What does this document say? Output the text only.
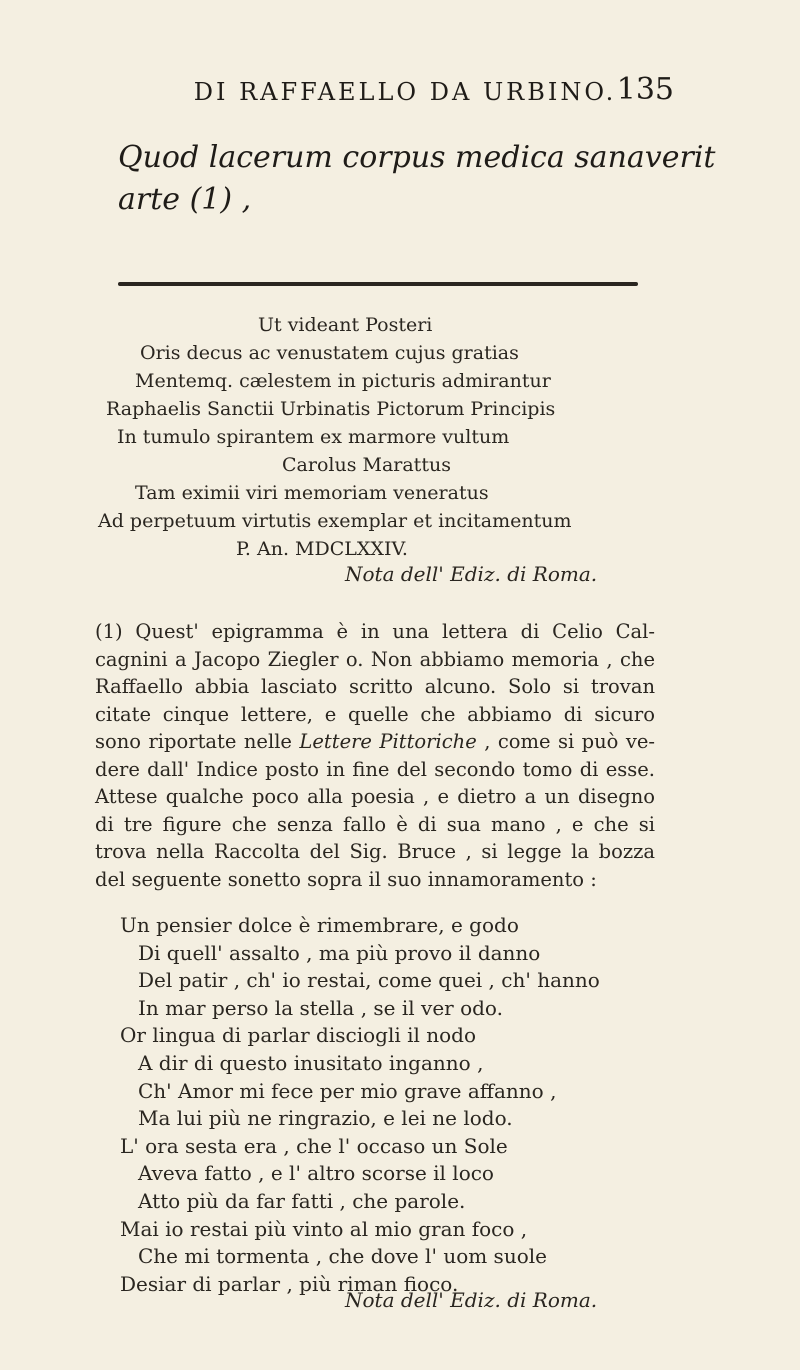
DI RAFFAELLO DA URBINO. 135
Quod lacerum corpus medica sanaverit
arte (1) ,
Ut videant Posteri
Oris decus ac venustatem cujus gratias
Mentemq. cælestem in picturis admirantur
Raphaelis Sanctii Urbinatis Pictorum Principis
In tumulo spirantem ex marmore vultum
Carolus Marattus
Tam eximii viri memoriam veneratus
Ad perpetuum virtutis exemplar et incitamentum
P. An. MDCLXXIV.
Nota dell' Ediz. di Roma.
(1) Quest' epigramma è in una lettera di Celio Cal- cagnini a Jacopo Ziegler o. Non abbiamo memoria , che Raffaello abbia lasciato scritto alcuno. Solo si trovan citate cinque lettere, e quelle che abbiamo di sicuro sono riportate nelle Lettere Pittoriche , come si può ve- dere dall' Indice posto in fine del secondo tomo di esse. Attese qualche poco alla poesia , e dietro a un disegno di tre figure che senza fallo è di sua mano , e che si trova nella Raccolta del Sig. Bruce , si legge la bozza del seguente sonetto sopra il suo innamoramento :
Un pensier dolce è rimembrare, e godo
Di quell' assalto , ma più provo il danno
Del patir , ch' io restai, come quei , ch' hanno
In mar perso la stella , se il ver odo.
Or lingua di parlar disciogli il nodo
A dir di questo inusitato inganno ,
Ch' Amor mi fece per mio grave affanno ,
Ma lui più ne ringrazio, e lei ne lodo.
L' ora sesta era , che l' occaso un Sole
Aveva fatto , e l' altro scorse il loco
Atto più da far fatti , che parole.
Mai io restai più vinto al mio gran foco ,
Che mi tormenta , che dove l' uom suole
Desiar di parlar , più riman fioco.
Nota dell' Ediz. di Roma.
